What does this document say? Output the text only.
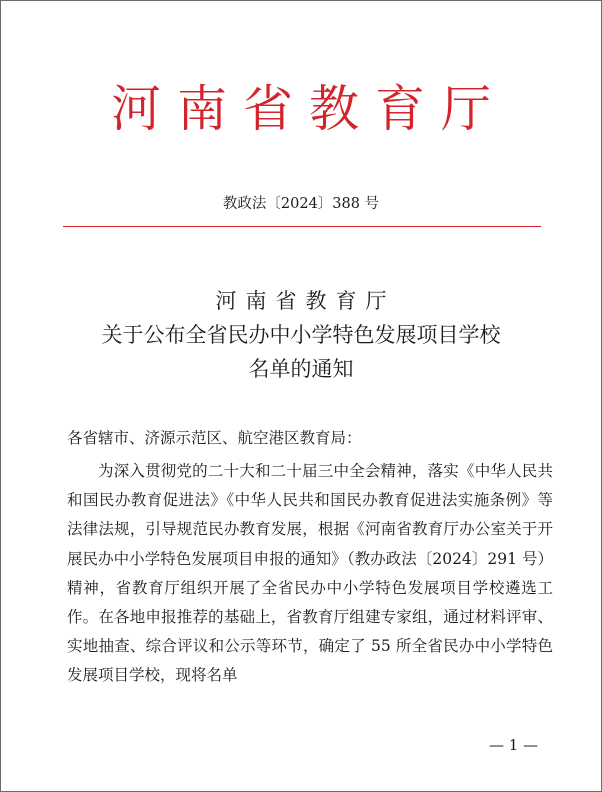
河南省教育厅
教政法〔2024〕388 号
河南省教育厅
关于公布全省民办中小学特色发展项目学校
名单的通知
各省辖市、济源示范区、航空港区教育局：

为深入贯彻党的二十大和二十届三中全会精神，落实《中华人民共和国民办教育促进法》《中华人民共和国民办教育促进法实施条例》等法律法规，引导规范民办教育发展，根据《河南省教育厅办公室关于开展民办中小学特色发展项目申报的通知》（教办政法〔2024〕291 号）精神，省教育厅组织开展了全省民办中小学特色发展项目学校遴选工作。在各地申报推荐的基础上，省教育厅组建专家组，通过材料评审、实地抽查、综合评议和公示等环节，确定了 55 所全省民办中小学特色发展项目学校，现将名单

— 1 —
